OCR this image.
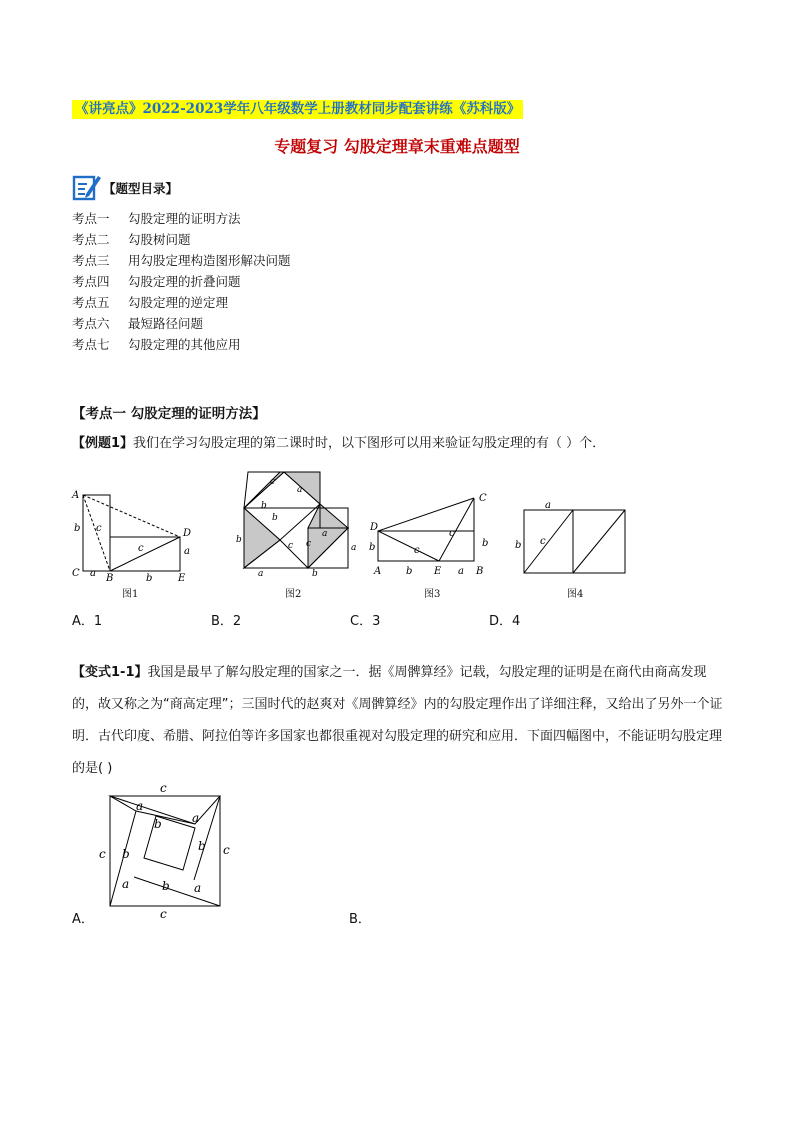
《讲亮点》2022-2023学年八年级数学上册教材同步配套讲练《苏科版》
专题复习 勾股定理章末重难点题型
【题型目录】
考点一 勾股定理的证明方法
考点二 勾股树问题
考点三 用勾股定理构造图形解决问题
考点四 勾股定理的折叠问题
考点五 勾股定理的逆定理
考点六 最短路径问题
考点七 勾股定理的其他应用
【考点一 勾股定理的证明方法】
【例题1】我们在学习勾股定理的第二课时时，以下图形可以用来验证勾股定理的有（ ）个．
A
b c
C a B	b
c
D
a
E
图1
c
a
b
b
b
c
a	b
a
c	a
图2
C
D
b	c
c
b
A b E a B
图3
a
b c
图4
A．1	B．2	C．3	D．4
【变式1-1】我国是最早了解勾股定理的国家之一．据《周髀算经》记载，勾股定理的证明是在商代由商高发现的，故又称之为“商高定理”；三国时代的赵爽对《周髀算经》内的勾股定理作出了详细注释，又给出了另外一个证明．古代印度、希腊、阿拉伯等许多国家也都很重视对勾股定理的研究和应用．下面四幅图中，不能证明勾股定理的是( )
c
a
b	a
b c
c b
a	b a
c
A．	B．
